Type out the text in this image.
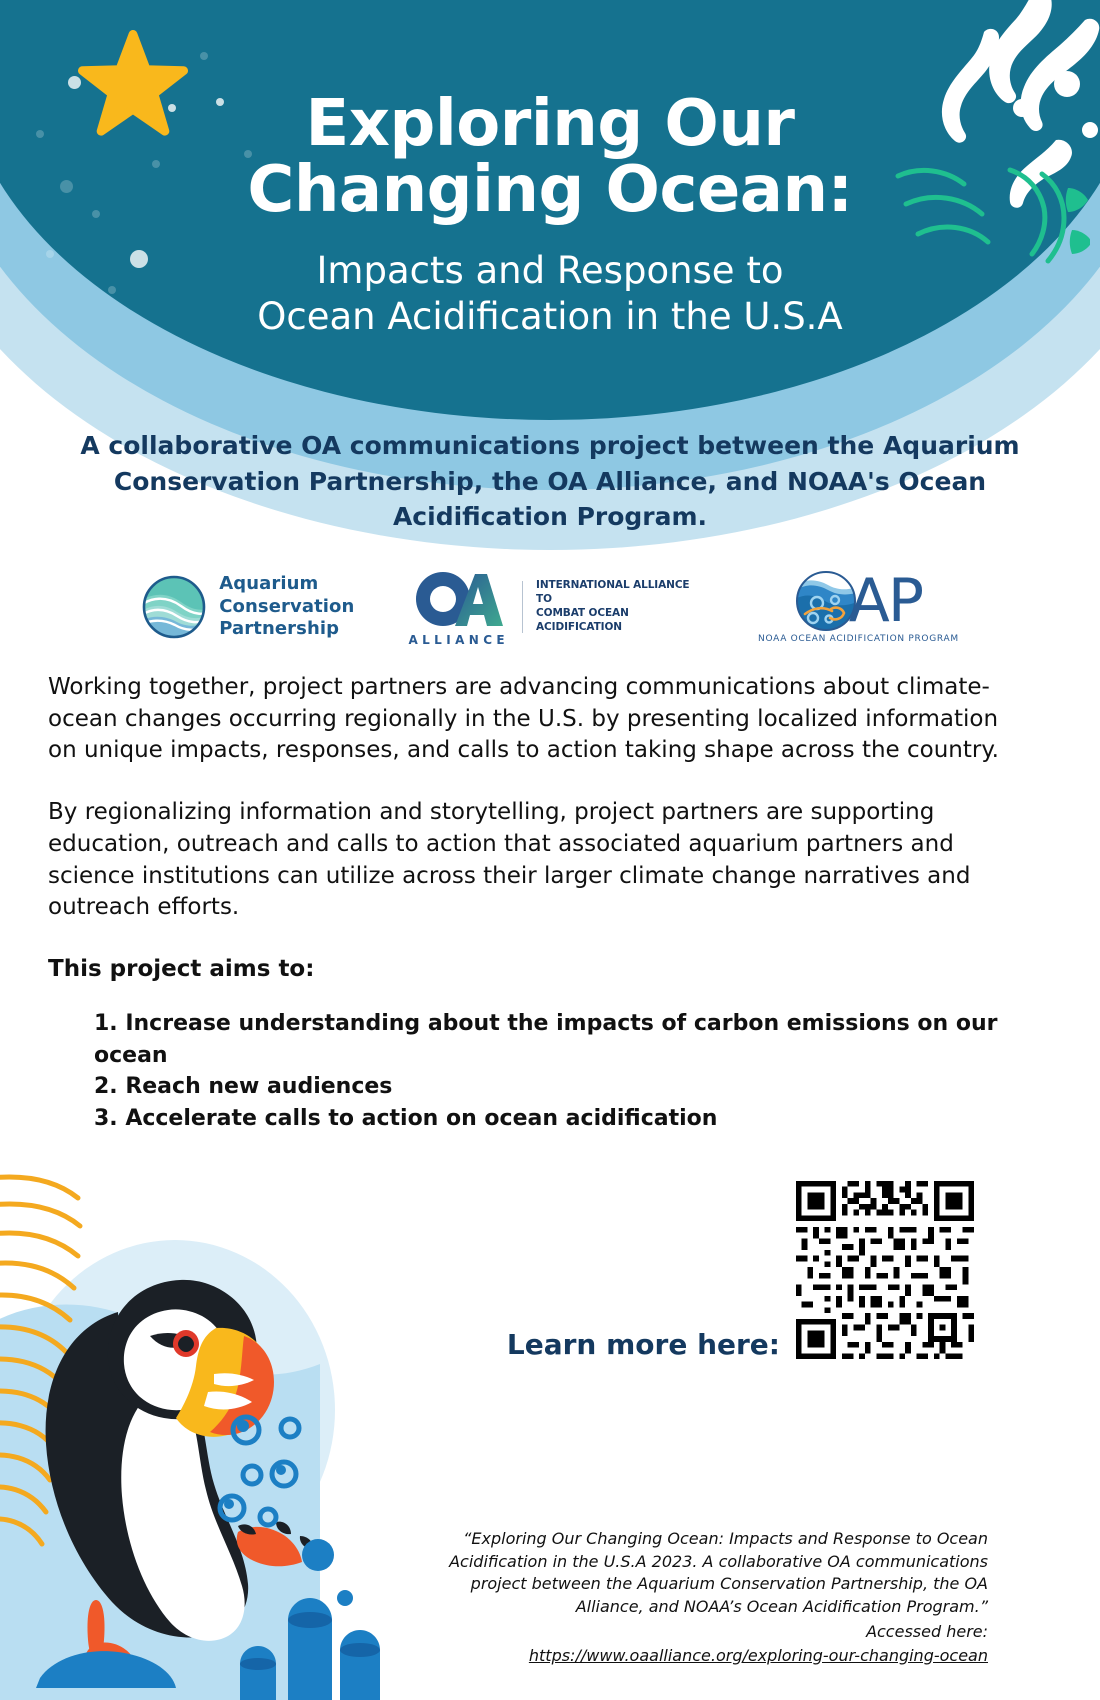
Exploring Our
Changing Ocean:

Impacts and Response to
Ocean Acidification in the U.S.A

A collaborative OA communications project between the Aquarium Conservation Partnership, the OA Alliance, and NOAA's Ocean Acidification Program.
Aquarium
Conservation
Partnership
ALLIANCE
INTERNATIONAL ALLIANCE TO
COMBAT OCEAN ACIDIFICATION	AP
NOAA OCEAN ACIDIFICATION PROGRAM

Working together, project partners are advancing communications about climate-ocean changes occurring regionally in the U.S. by presenting localized information on unique impacts, responses, and calls to action taking shape across the country.

By regionalizing information and storytelling, project partners are supporting education, outreach and calls to action that associated aquarium partners and science institutions can utilize across their larger climate change narratives and outreach efforts.

This project aims to:

1. Increase understanding about the impacts of carbon emissions on our ocean
2. Reach new audiences
3. Accelerate calls to action on ocean acidification
Learn more here:
“Exploring Our Changing Ocean: Impacts and Response to Ocean Acidification in the U.S.A 2023. A collaborative OA communications project between the Aquarium Conservation Partnership, the OA Alliance, and NOAA’s Ocean Acidification Program.”
Accessed here:
https://www.oaalliance.org/exploring-our-changing-ocean
